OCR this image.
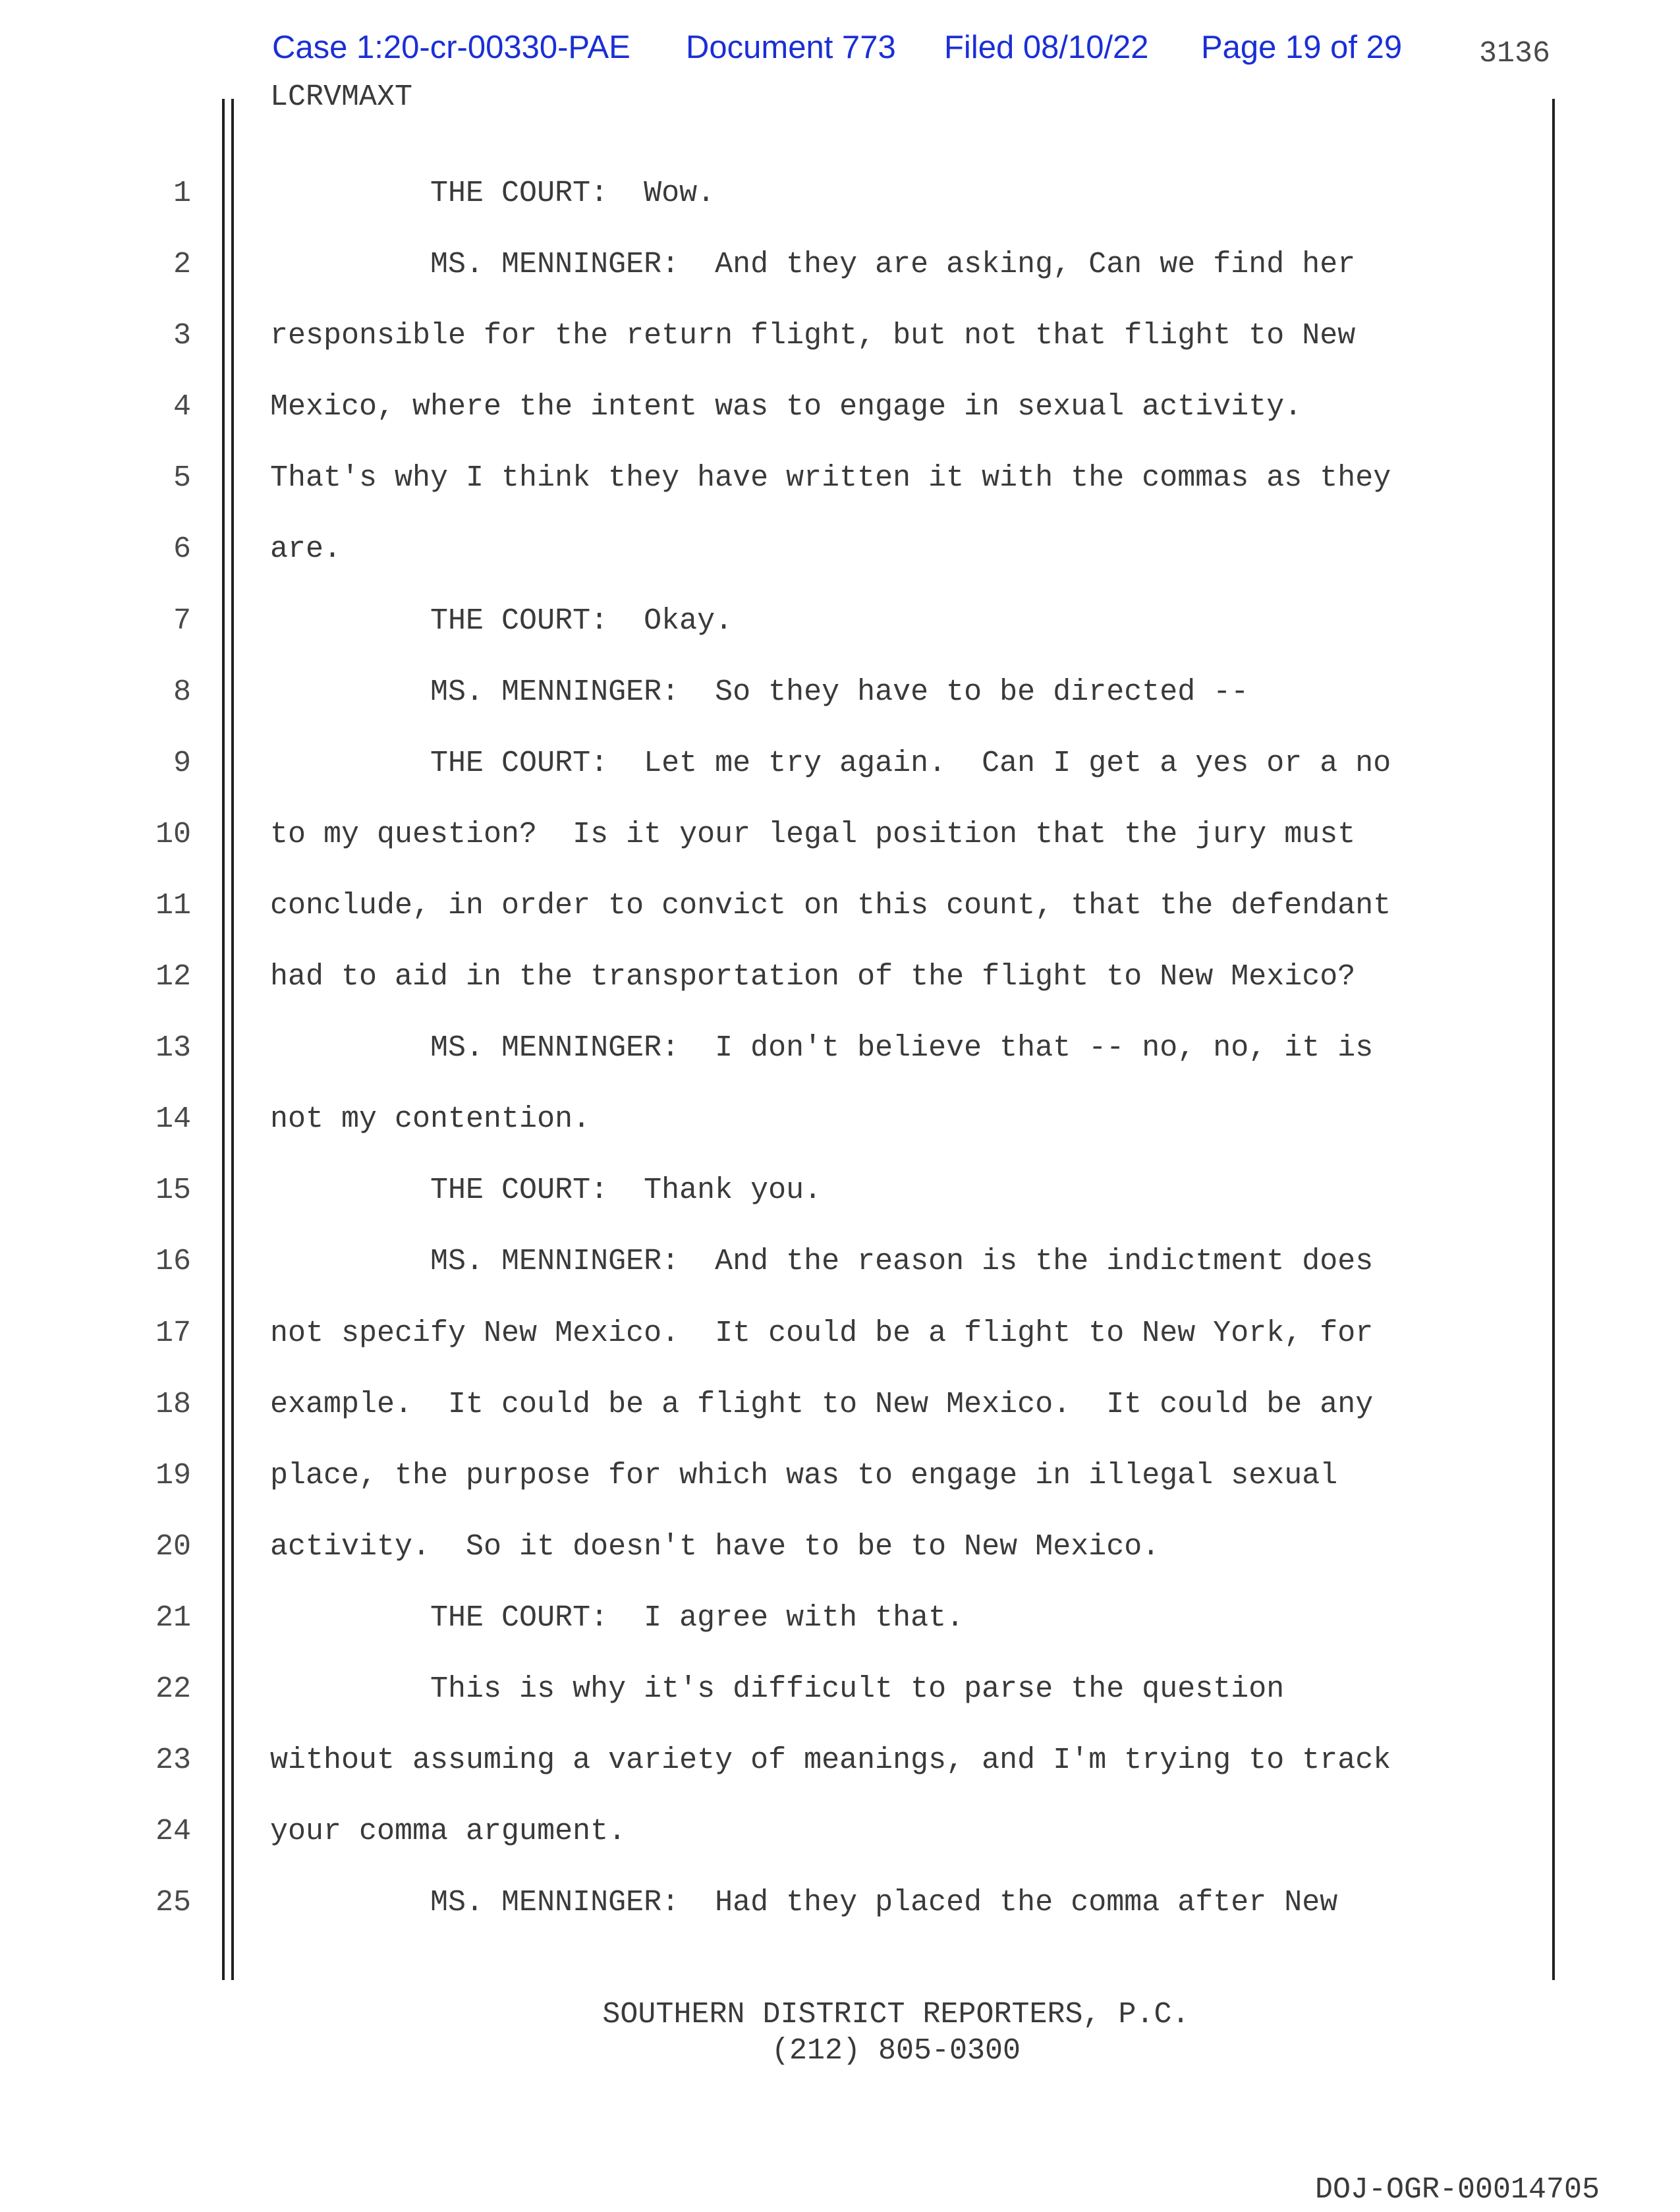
Case 1:20-cr-00330-PAE

Document 773

Filed 08/10/22

Page 19 of 29	3136
LCRVMAXT
1
2
3
4
5
6
7
8
9
10
11
12
13
14
15
16
17
18
19
20
21
22
23
24
25
THE COURT:  Wow.
MS. MENNINGER:  And they are asking, Can we find her
responsible for the return flight, but not that flight to New
Mexico, where the intent was to engage in sexual activity.
That's why I think they have written it with the commas as they
are.
THE COURT:  Okay.
MS. MENNINGER:  So they have to be directed --
THE COURT:  Let me try again.  Can I get a yes or a no
to my question?  Is it your legal position that the jury must
conclude, in order to convict on this count, that the defendant
had to aid in the transportation of the flight to New Mexico?
MS. MENNINGER:  I don't believe that -- no, no, it is
not my contention.
THE COURT:  Thank you.
MS. MENNINGER:  And the reason is the indictment does
not specify New Mexico.  It could be a flight to New York, for
example.  It could be a flight to New Mexico.  It could be any
place, the purpose for which was to engage in illegal sexual
activity.  So it doesn't have to be to New Mexico.
THE COURT:  I agree with that.
This is why it's difficult to parse the question
without assuming a variety of meanings, and I'm trying to track
your comma argument.
MS. MENNINGER:  Had they placed the comma after New
SOUTHERN DISTRICT REPORTERS, P.C.
(212) 805-0300
DOJ-OGR-00014705
